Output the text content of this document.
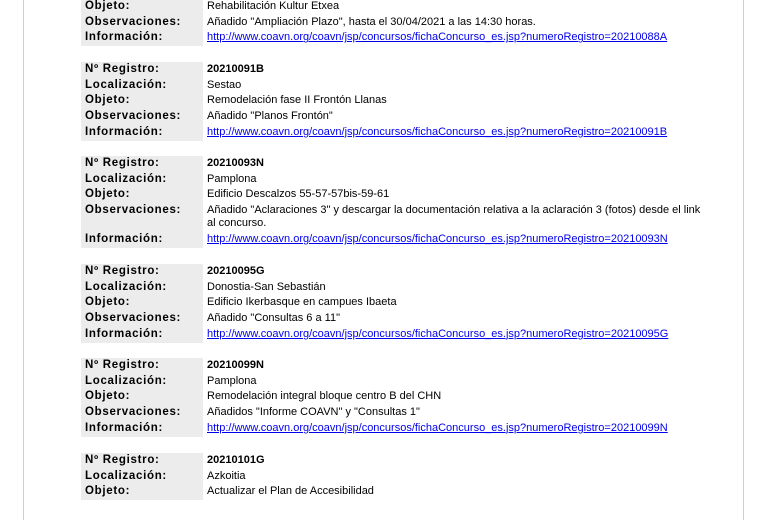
Objeto:	Rehabilitación Kultur Etxea
Observaciones:	Añadido "Ampliación Plazo", hasta el 30/04/2021 a las 14:30 horas.
Información:	http://www.coavn.org/coavn/jsp/concursos/fichaConcurso_es.jsp?numeroRegistro=20210088A
Nº Registro:	20210091B
Localización:	Sestao
Objeto:	Remodelación fase II Frontón Llanas
Observaciones:	Añadido "Planos Frontón"
Información:	http://www.coavn.org/coavn/jsp/concursos/fichaConcurso_es.jsp?numeroRegistro=20210091B
Nº Registro:	20210093N
Localización:	Pamplona
Objeto:	Edificio Descalzos 55-57-57bis-59-61
Observaciones:	Añadido "Aclaraciones 3" y descargar la documentación relativa a la aclaración 3 (fotos) desde el link al concurso.
Información:	http://www.coavn.org/coavn/jsp/concursos/fichaConcurso_es.jsp?numeroRegistro=20210093N
Nº Registro:	20210095G
Localización:	Donostia-San Sebastián
Objeto:	Edificio Ikerbasque en campues Ibaeta
Observaciones:	Añadido "Consultas 6 a 11"
Información:	http://www.coavn.org/coavn/jsp/concursos/fichaConcurso_es.jsp?numeroRegistro=20210095G
Nº Registro:	20210099N
Localización:	Pamplona
Objeto:	Remodelación integral bloque centro B del CHN
Observaciones:	Añadidos "Informe COAVN" y "Consultas 1"
Información:	http://www.coavn.org/coavn/jsp/concursos/fichaConcurso_es.jsp?numeroRegistro=20210099N
Nº Registro:	20210101G
Localización:	Azkoitia
Objeto:	Actualizar el Plan de Accesibilidad
